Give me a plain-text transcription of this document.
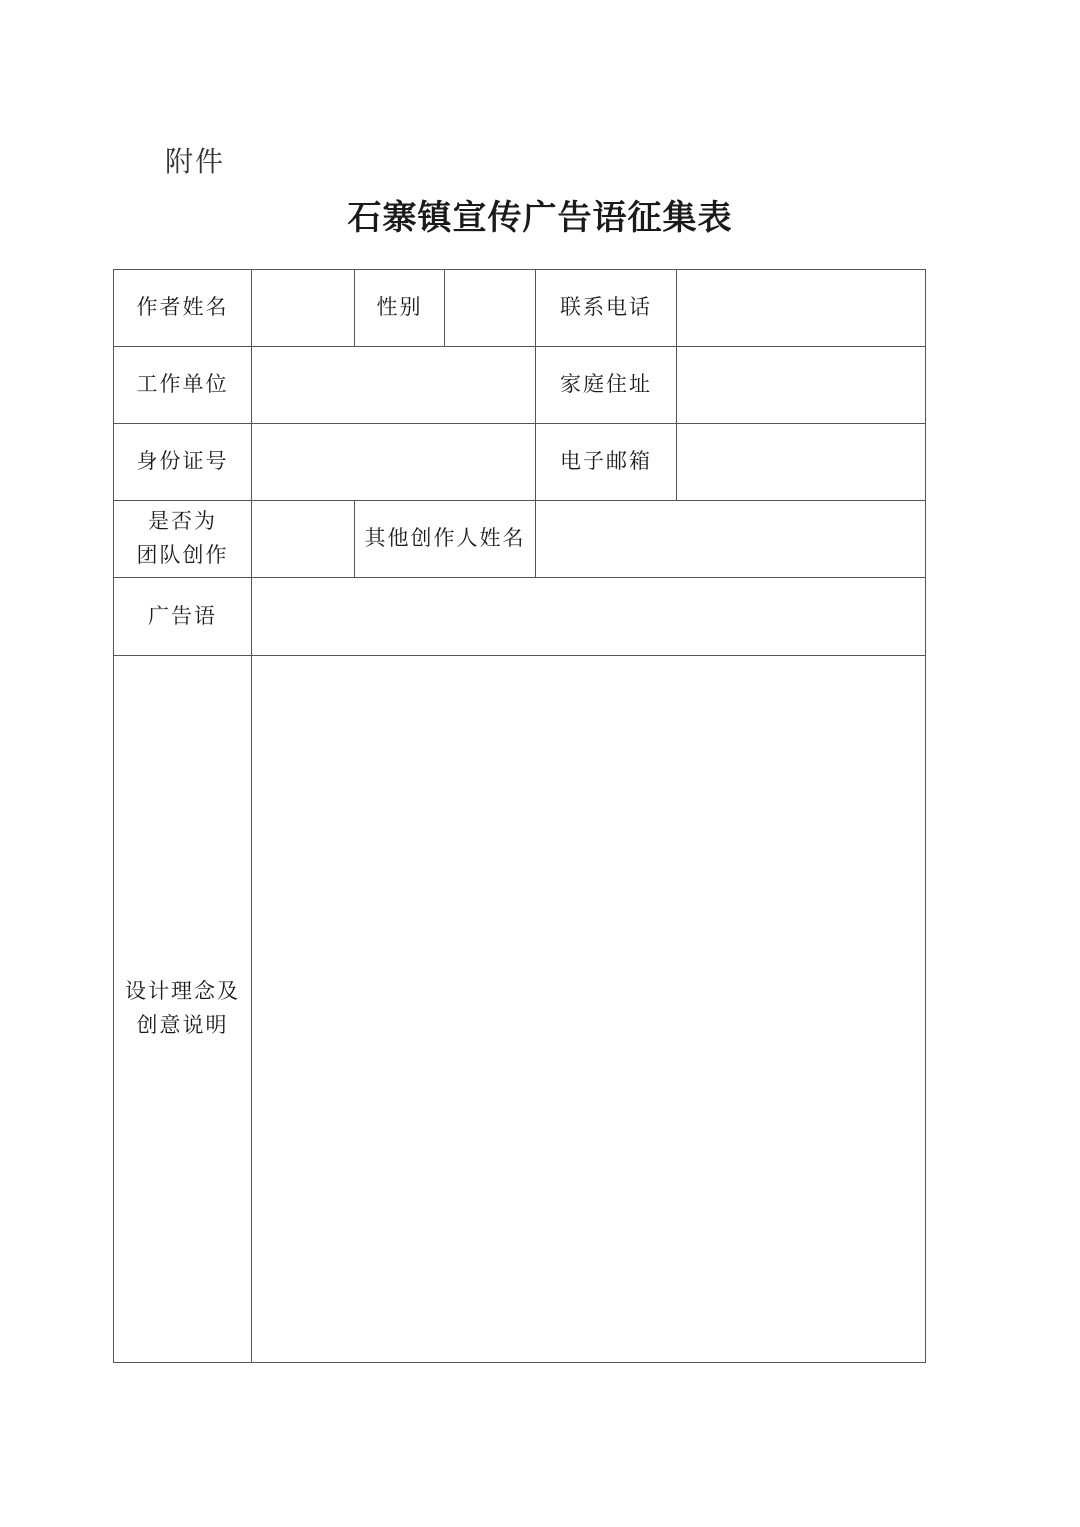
附件
石寨镇宣传广告语征集表
作者姓名		性别		联系电话	
工作单位				家庭住址	
身份证号				电子邮箱	

是否为
团队创作		其他创作人姓名			
广告语					

设计理念及
创意说明					
